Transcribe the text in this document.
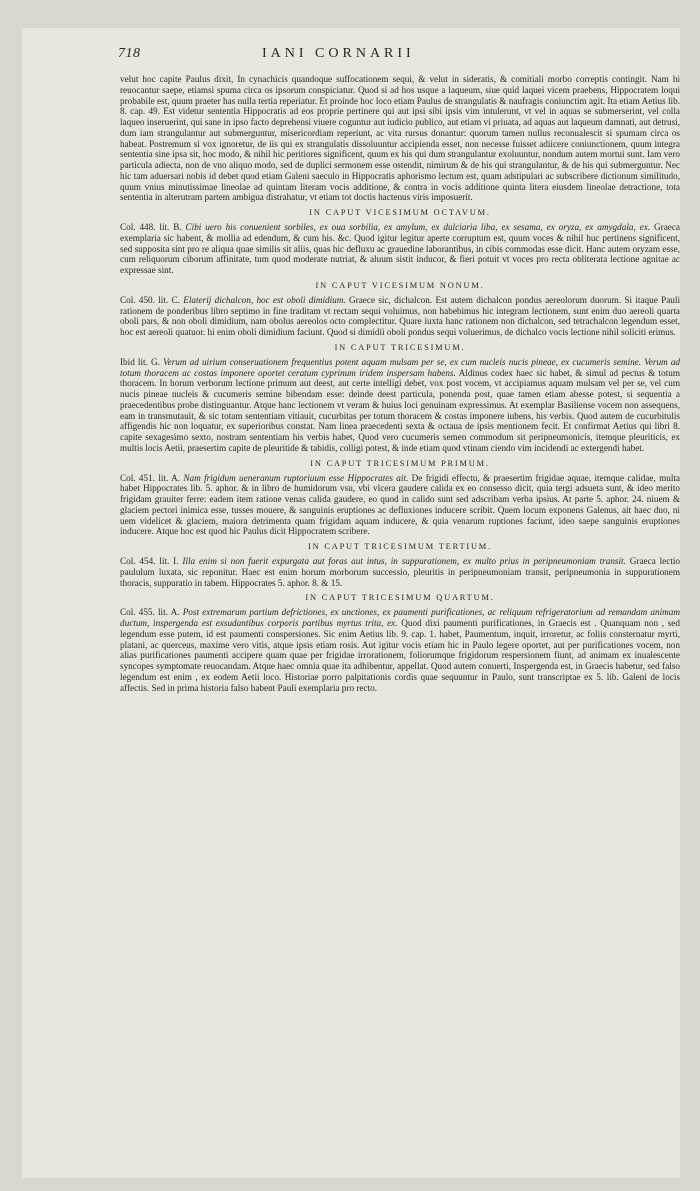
718	IANI CORNARII

velut hoc capite Paulus dixit, In cynachicis quandoque suffocationem sequi, & velut in sideratis, & comitiali morbo correptis contingit. Nam hi reuocantur saepe, etiamsi spuma circa os ipsorum conspiciatur. Quod si ad hos usque a laqueum, siue quid laquei vicem praebens, Hippocratem loqui probabile est, quum praeter has nulla tertia reperiatur. Et proinde hoc loco etiam Paulus de strangulatis & naufragis coniunctim agit. Ita etiam Aetius lib. 8. cap. 49. Est videtur sententia Hippocratis ad eos proprie pertinere qui aut ipsi sibi ipsis vim intulerunt, vt vel in aquas se submerserint, vel colla laqueo inseruerint, qui sane in ipso facto deprehensi viuere coguntur aut iudicio publico, aut etiam vi priuata, ad aquas aut laqueum damnati, aut detrusi, dum iam strangulantur aut submerguntur, misericordiam reperiunt, ac vita rursus donantur: quorum tamen nullus reconualescit si spumam circa os habeat. Postremum si vox ignoretur, de iis qui ex strangulatis dissoluuntur accipienda esset, non necesse fuisset adiicere coniunctionem, quum integra sententia sine ipsa sit, hoc modo, & nihil hic peritiores significent, quum ex his qui dum strangulantur exoluuntur, nondum autem mortui sunt. Iam vero particula adiecta, non de vno aliquo modo, sed de duplici sermonem esse ostendit, nimirum & de his qui strangulantur, & de his qui submerguntur. Nec hic tam aduersari nobis id debet quod etiam Galeni saeculo in Hippocratis aphorismo lectum est, quam adstipulari ac subscribere dictionum similitudo, quum vnius minutissimae lineolae ad quintam literam vocis additione, & contra in vocis additione quinta litera eiusdem lineolae detractione, tota sententia in alterutram partem ambigua distrahatur, vt etiam tot doctis hactenus viris imposuerit.

IN CAPUT VICESIMUM OCTAVUM.

Col. 448. lit. B. Cibi uero his conuenient sorbiles, ex oua sorbilia, ex amylum, ex dulciaria liba, ex sesama, ex oryza, ex amygdala, ex. Graeca exemplaria sic habent, & mollia ad edendum, & cum his. &c. Quod igitur legitur aperte corruptum est, quum voces & nihil huc pertinens significent, sed supposita sint pro re aliqua quae similis sit aliis, quas hic defluxu ac grauedine laborantibus, in cibis commodas esse dicit. Hanc autem oryzam esse, cum reliquorum ciborum affinitate, tum quod moderate nutriat, & aluum sistit inducor, & fieri potuit vt voces pro recta obliterata lectione agnitae ac expressae sint.

IN CAPUT VICESIMUM NONUM.

Col. 450. lit. C. Elaterij dichalcon, hoc est oboli dimidium. Graece sic, dichalcon. Est autem dichalcon pondus aereolorum duorum. Si itaque Pauli rationem de ponderibus libro septimo in fine traditam vt rectam sequi voluimus, non habebimus hic integram lectionem, sunt enim duo aereoli quarta oboli pars, & non oboli dimidium, nam obolus aereolos octo complectitur. Quare iuxta hanc rationem non dichalcon, sed tetrachalcon legendum esset, hoc est aereoli quatuor. hi enim oboli dimidium faciunt. Quod si dimidii oboli pondus sequi voluerimus, de dichalco vocis lectione nihil soliciti erimus.

IN CAPUT TRICESIMUM.

Ibid lit. G. Verum ad uirium conseruationem frequentius potent aquam mulsam per se, ex cum nucleis nucis pineae, ex cucumeris semine. Verum ad totum thoracem ac costas imponere oportet ceratum cyprinum iridem inspersam habens. Aldinus codex haec sic habet, & simul ad pectus & totum thoracem. In horum verborum lectione primum aut deest, aut certe intelligi debet, vox post vocem, vt accipiamus aquam mulsam vel per se, vel cum nucis pineae nucleis & cucumeris semine bibendam esse: deinde deest particula, ponenda post, quae tamen etiam abesse potest, si sequentia a praecedentibus probe distinguantur. Atque hanc lectionem vt veram & huius loci genuinam expressimus. At exemplar Basiliense vocem non assequens, eam in transmutauit, & sic totam sententiam vitiauit, cucurbitas per totum thoracem & costas imponere iubens, his verbis. Quod autem de cucurbitulis affigendis hic non loquatur, ex superioribus constat. Nam linea praecedenti sexta & octaua de ipsis mentionem fecit. Et confirmat Aetius qui libri 8. capite sexagesimo sexto, nostram sententiam his verbis habet, Quod vero cucumeris semen commodum sit peripneumonicis, itemque pleuriticis, ex multis locis Aetii, praesertim capite de pleuritide & tabidis, colligi potest, & inde etiam quod vtinam ciendo vim incidendi ac extergendi habet.

IN CAPUT TRICESIMUM PRIMUM.

Col. 451. lit. A. Nam frigidum ueneranum ruptoriuum esse Hippocrates ait. De frigidi effectu, & praesertim frigidae aquae, itemque calidae, multa habet Hippocrates lib. 5. aphor. & in libro de humidorum vsu, vbi vlcera gaudere calida ex eo consesso dicit, quia tergi adsueta sunt, & ideo merito frigidam grauiter ferre: eadem item ratione venas calida gaudere, eo quod in calido sunt sed adscribam verba ipsius. At parte 5. aphor. 24. niuem & glaciem pectori inimica esse, tusses mouere, & sanguinis eruptiones ac defluxiones inducere scribit. Quem locum exponens Galenus, ait haec duo, ni uem videlicet & glaciem, maiora detrimenta quam frigidam aquam inducere, & quia venarum ruptiones faciunt, ideo saepe sanguinis eruptiones inducere. Atque hoc est quod hic Paulus dicit Hippocratem scribere.

IN CAPUT TRICESIMUM TERTIUM.

Col. 454. lit. I. Illa enim si non fuerit expurgata aut foras aut intus, in suppurationem, ex multo prius in peripneumoniam transit. Graeca lectio paululum luxata, sic reponitur. Haec est enim horum morborum successio, pleuritis in peripneumoniam transit, peripneumonia in suppurationem thoracis, suppuratio in tabem. Hippocrates 5. aphor. 8. & 15.

IN CAPUT TRICESIMUM QUARTUM.

Col. 455. lit. A. Post extremarum partium defrictiones, ex unctiones, ex paumenti purificationes, ac reliquum refrigeratorium ad remandam animam ductum, inspergenda est exsudantibus corporis partibus myrtus trita, ex. Quod dixi paumenti purificationes, in Graecis est . Quanquam non , sed legendum esse putem, id est paumenti conspersiones. Sic enim Aetius lib. 9. cap. 1. habet, Paumentum, inquit, irroretur, ac foliis consternatur myrti, platani, ac querceus, maxime vero vitis, atque ipsis etiam rosis. Aut igitur vocis etiam hic in Paulo legere oportet, aut per purificationes vocem, non alias purificationes paumenti accipere quam quae per frigidae irrorationem, foliorumque frigidorum respersionem fiunt, ad animam ex inualescente syncopes symptomate reuocandam. Atque haec omnia quae ita adhibentur, appellat. Quod autem conuerti, Inspergenda est, in Graecis habetur, sed falso legendum est enim , ex eodem Aetii loco. Historiae porro palpitationis cordis quae sequuntur in Paulo, sunt transcriptae ex 5. lib. Galeni de locis affectis. Sed in prima historia falso habent Pauli exemplaria pro recto.
